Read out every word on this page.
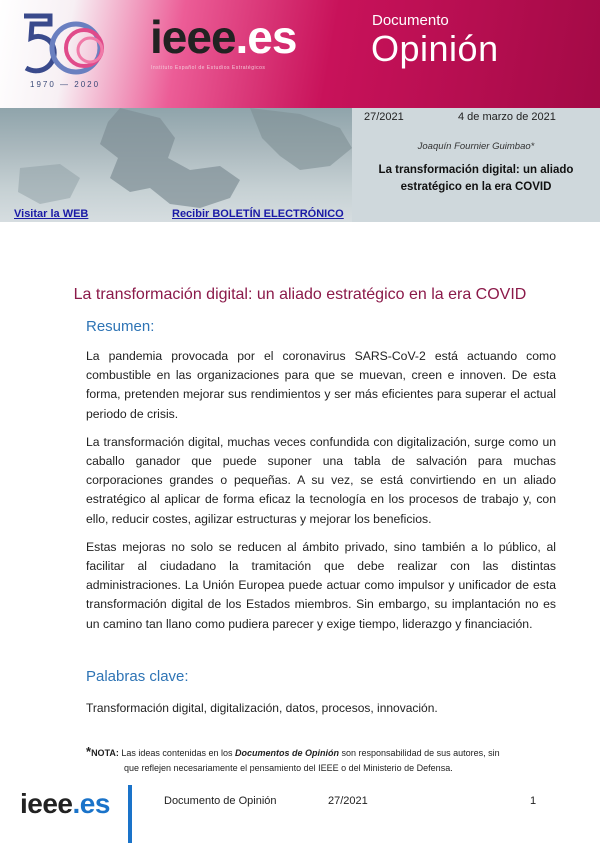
1970 — 2020
ieee.es
Instituto Español de Estudios Estratégicos
Documento
Opinión
27/2021	4 de marzo de 2021
Joaquín Fournier Guimbao*
La transformación digital: un aliado estratégico en la era COVID
Visitar la WEB	Recibir BOLETÍN ELECTRÓNICO
La transformación digital: un aliado estratégico en la era COVID
Resumen:

La pandemia provocada por el coronavirus SARS-CoV-2 está actuando como combustible en las organizaciones para que se muevan, creen e innoven. De esta forma, pretenden mejorar sus rendimientos y ser más eficientes para superar el actual periodo de crisis.

La transformación digital, muchas veces confundida con digitalización, surge como un caballo ganador que puede suponer una tabla de salvación para muchas corporaciones grandes o pequeñas. A su vez, se está convirtiendo en un aliado estratégico al aplicar de forma eficaz la tecnología en los procesos de trabajo y, con ello, reducir costes, agilizar estructuras y mejorar los beneficios.

Estas mejoras no solo se reducen al ámbito privado, sino también a lo público, al facilitar al ciudadano la tramitación que debe realizar con las distintas administraciones. La Unión Europea puede actuar como impulsor y unificador de esta transformación digital de los Estados miembros. Sin embargo, su implantación no es un camino tan llano como pudiera parecer y exige tiempo, liderazgo y financiación.

Palabras clave:
Transformación digital, digitalización, datos, procesos, innovación.
*NOTA: Las ideas contenidas en los Documentos de Opinión son responsabilidad de sus autores, sin
que reflejen necesariamente el pensamiento del IEEE o del Ministerio de Defensa.
ieee.es	Documento de Opinión	27/2021	1
